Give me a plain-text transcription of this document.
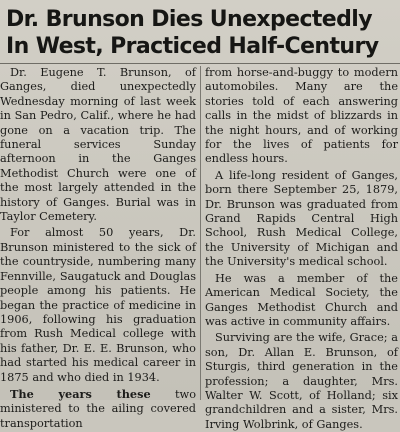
Dr. Brunson Dies Unexpectedly
In West, Practiced Half-Century

Dr. Eugene T. Brunson, of Ganges, died unexpectedly Wednesday morning of last week in San Pedro, Calif., where he had gone on a vacation trip. The funeral services Sunday afternoon in the Ganges Methodist Church were one of the most largely attended in the history of Ganges. Burial was in Taylor Cemetery.

For almost 50 years, Dr. Brunson ministered to the sick of the countryside, numbering many Fennville, Saugatuck and Douglas people among his patients. He began the practice of medicine in 1906, following his graduation from Rush Medical college with his father, Dr. E. E. Brunson, who had started his medical career in 1875 and who died in 1934.

The years these two ministered to the ailing covered transportation

from horse-and-buggy to modern automobiles. Many are the stories told of each answering calls in the midst of blizzards in the night hours, and of working for the lives of patients for endless hours.

A life-long resident of Ganges, born there September 25, 1879, Dr. Brunson was graduated from Grand Rapids Central High School, Rush Medical College, the University of Michigan and the University's medical school.

He was a member of the American Medical Society, the Ganges Methodist Church and was active in community affairs.

Surviving are the wife, Grace; a son, Dr. Allan E. Brunson, of Sturgis, third generation in the profession; a daughter, Mrs. Walter W. Scott, of Holland; six grandchildren and a sister, Mrs. Irving Wolbrink, of Ganges.
